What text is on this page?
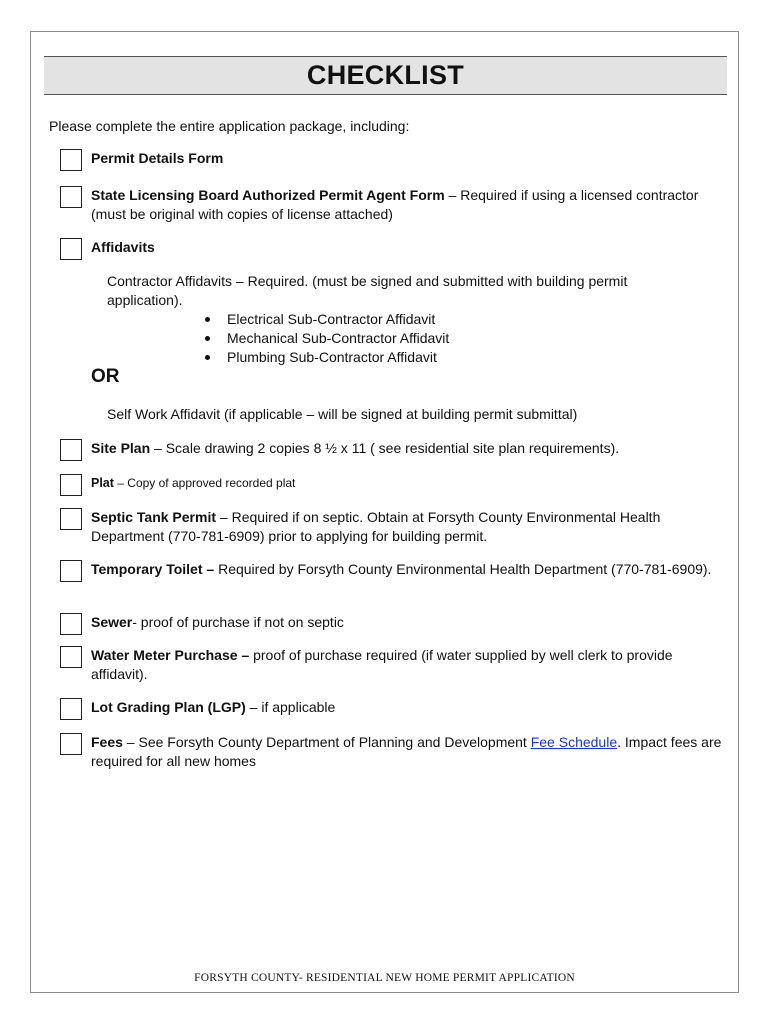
CHECKLIST
Please complete the entire application package, including:
Permit Details Form
State Licensing Board Authorized Permit Agent Form – Required if using a licensed contractor (must be original with copies of license attached)
Affidavits
Contractor Affidavits – Required. (must be signed and submitted with building permit application).
Electrical Sub-Contractor Affidavit
Mechanical Sub-Contractor Affidavit
Plumbing Sub-Contractor Affidavit
OR
Self Work Affidavit (if applicable – will be signed at building permit submittal)
Site Plan – Scale drawing 2 copies 8 ½ x 11 ( see residential site plan requirements).
Plat – Copy of approved recorded plat
Septic Tank Permit – Required if on septic. Obtain at Forsyth County Environmental Health Department (770-781-6909) prior to applying for building permit.
Temporary Toilet – Required by Forsyth County Environmental Health Department (770-781-6909).
Sewer- proof of purchase if not on septic
Water Meter Purchase – proof of purchase required (if water supplied by well clerk to provide affidavit).
Lot Grading Plan (LGP) – if applicable
Fees – See Forsyth County Department of Planning and Development Fee Schedule. Impact fees are required for all new homes
FORSYTH COUNTY- RESIDENTIAL NEW HOME PERMIT APPLICATION
